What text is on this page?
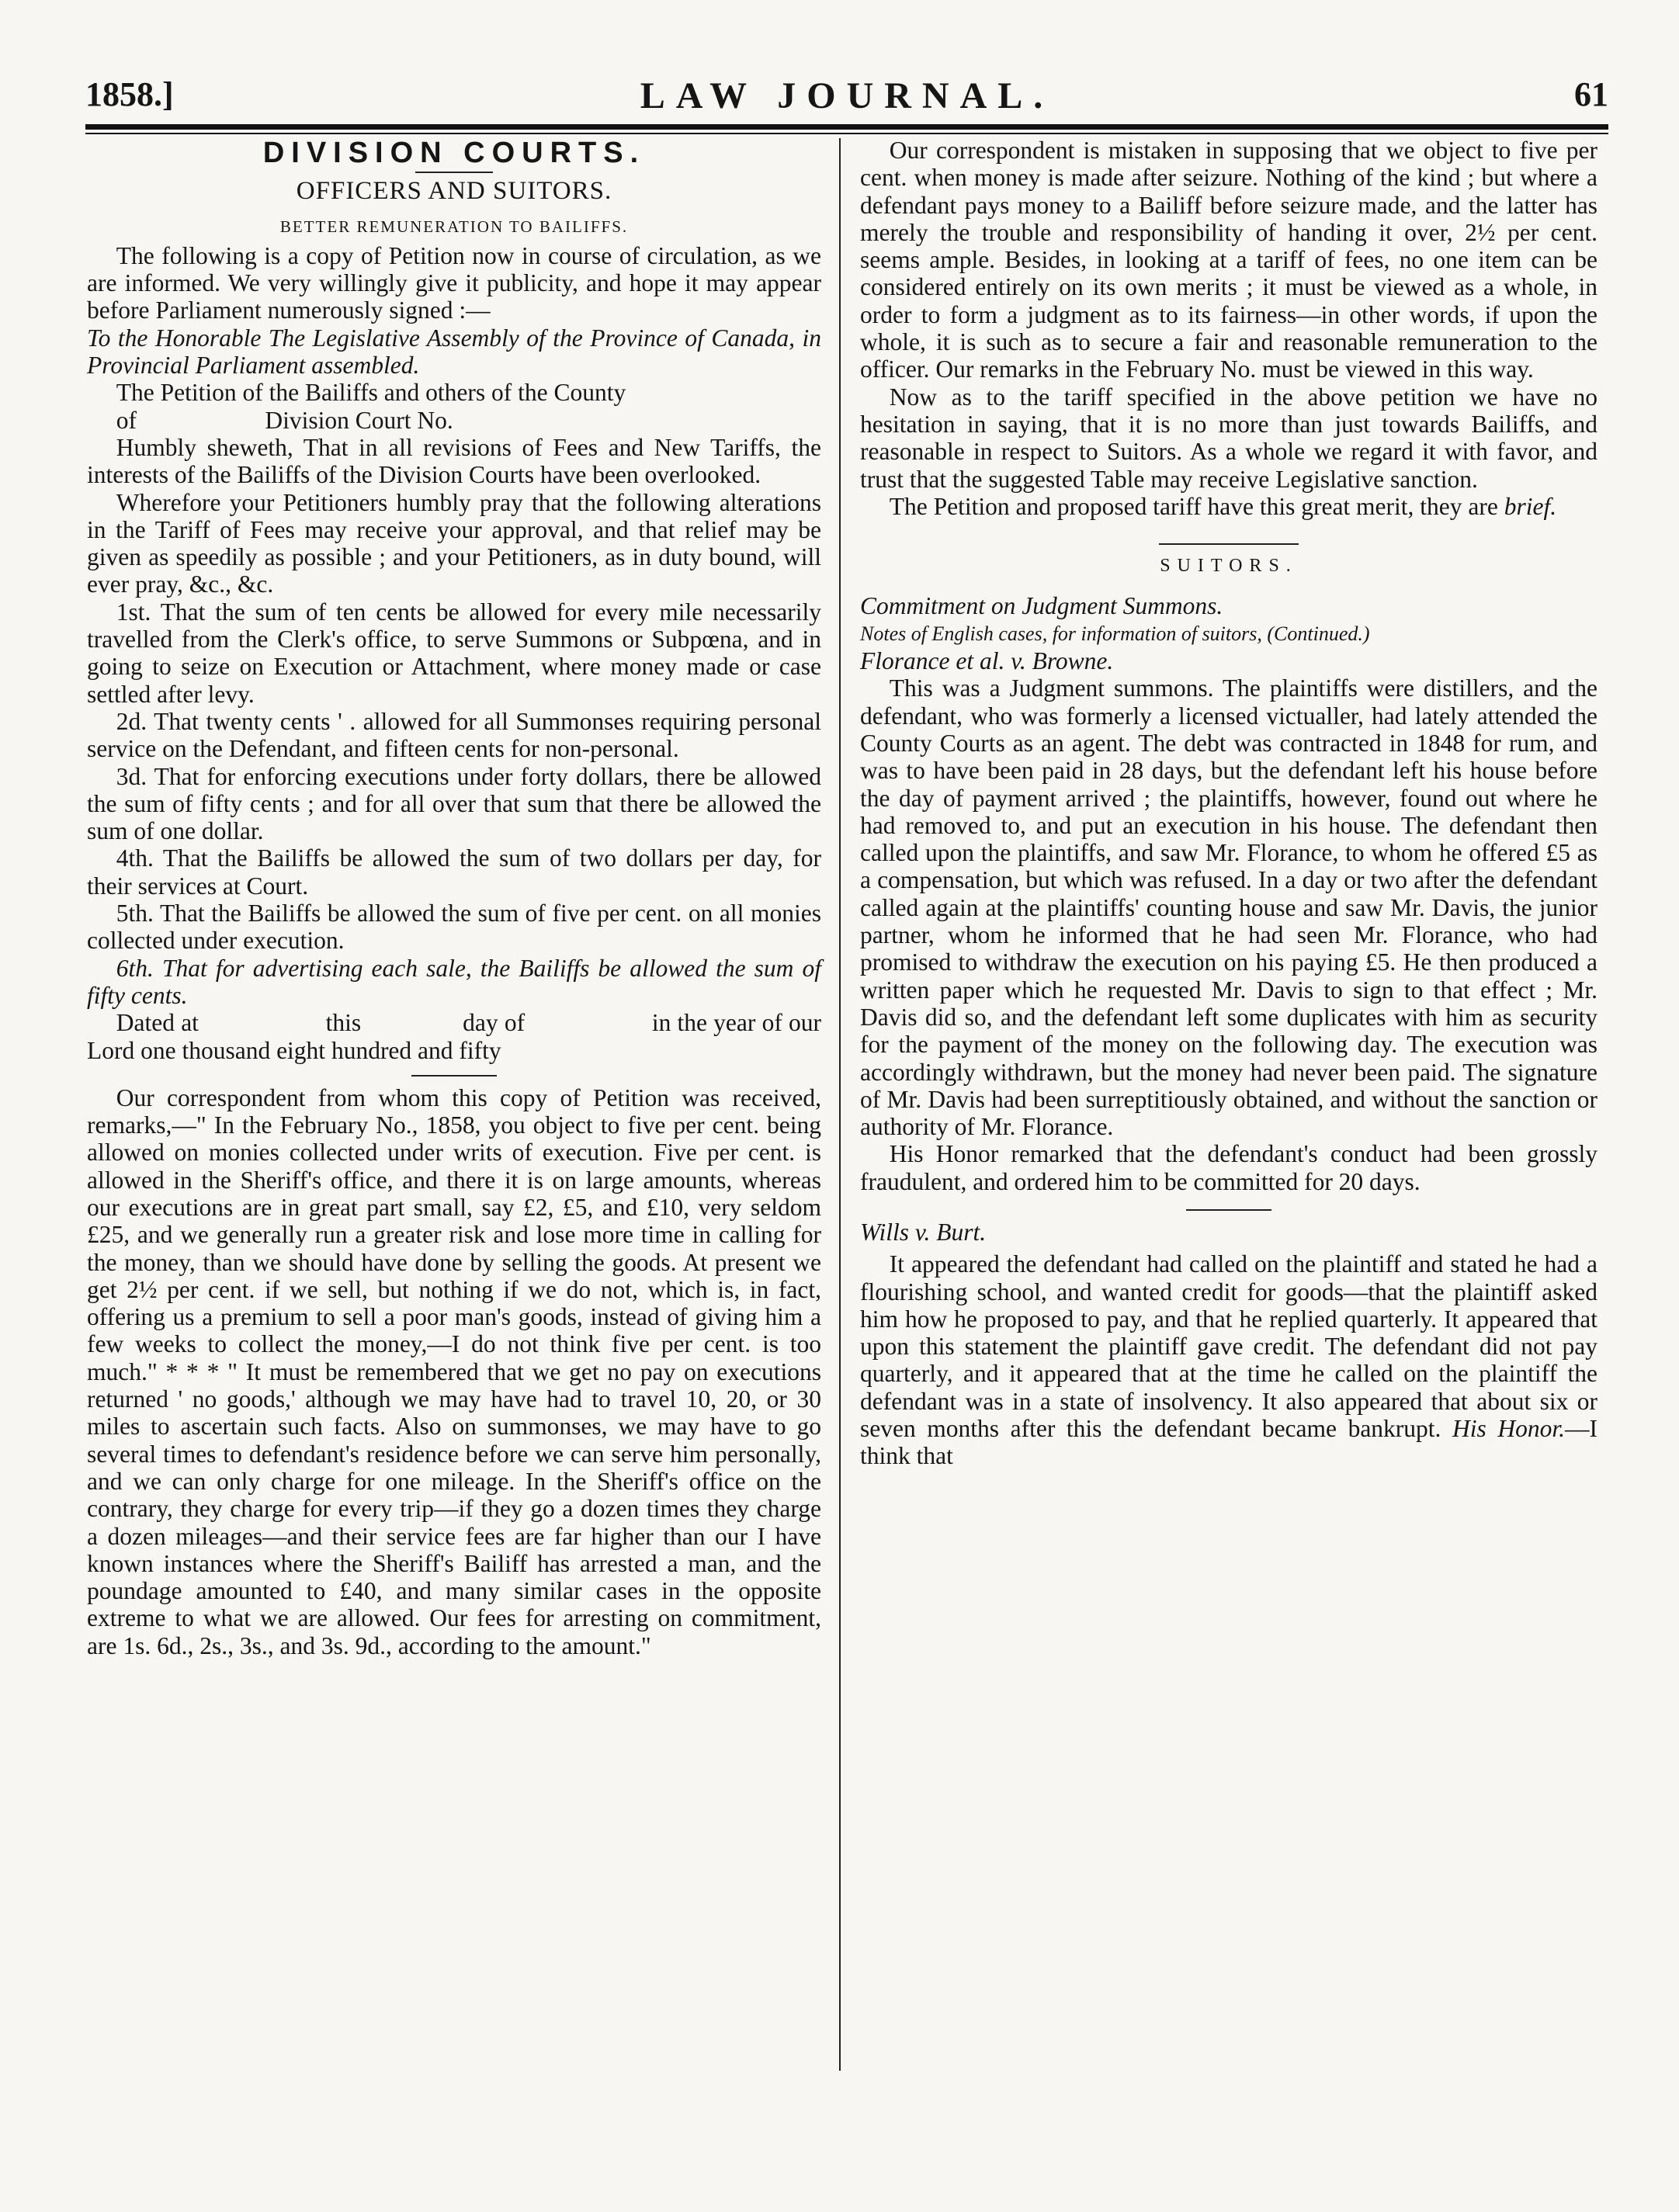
1858.]	LAW JOURNAL.	61
DIVISION COURTS.
OFFICERS AND SUITORS.
BETTER REMUNERATION TO BAILIFFS.

The following is a copy of Petition now in course of circulation, as we are informed. We very willingly give it publicity, and hope it may appear before Parliament numerously signed :—

To the Honorable The Legislative Assembly of the Province of Canada, in Provincial Parliament assembled.

The Petition of the Bailiffs and others of the County

of                     Division Court No.

Humbly sheweth, That in all revisions of Fees and New Tariffs, the interests of the Bailiffs of the Division Courts have been overlooked.

Wherefore your Petitioners humbly pray that the following alterations in the Tariff of Fees may receive your approval, and that relief may be given as speedily as possible ; and your Petitioners, as in duty bound, will ever pray, &c., &c.

1st. That the sum of ten cents be allowed for every mile necessarily travelled from the Clerk's office, to serve Summons or Subpœna, and in going to seize on Execution or Attachment, where money made or case settled after levy.

2d. That twenty cents ' . allowed for all Summonses requiring personal service on the Defendant, and fifteen cents for non-personal.

3d. That for enforcing executions under forty dollars, there be allowed the sum of fifty cents ; and for all over that sum that there be allowed the sum of one dollar.

4th. That the Bailiffs be allowed the sum of two dollars per day, for their services at Court.

5th. That the Bailiffs be allowed the sum of five per cent. on all monies collected under execution.

6th. That for advertising each sale, the Bailiffs be allowed the sum of fifty cents.

Dated at                    this                day of                    in the year of our Lord one thousand eight hundred and fifty

Our correspondent from whom this copy of Petition was received, remarks,—" In the February No., 1858, you object to five per cent. being allowed on monies collected under writs of execution. Five per cent. is allowed in the Sheriff's office, and there it is on large amounts, whereas our executions are in great part small, say £2, £5, and £10, very seldom £25, and we generally run a greater risk and lose more time in calling for the money, than we should have done by selling the goods. At present we get 2½ per cent. if we sell, but nothing if we do not, which is, in fact, offering us a premium to sell a poor man's goods, instead of giving him a few weeks to collect the money,—I do not think five per cent. is too much." * * * " It must be remembered that we get no pay on executions returned ' no goods,' although we may have had to travel 10, 20, or 30 miles to ascertain such facts. Also on summonses, we may have to go several times to defendant's residence before we can serve him personally, and we can only charge for one mileage. In the Sheriff's office on the contrary, they charge for every trip—if they go a dozen times they charge a dozen mileages—and their service fees are far higher than our I have known instances where the Sheriff's Bailiff has arrested a man, and the poundage amounted to £40, and many similar cases in the opposite extreme to what we are allowed. Our fees for arresting on commitment, are 1s. 6d., 2s., 3s., and 3s. 9d., according to the amount."

Our correspondent is mistaken in supposing that we object to five per cent. when money is made after seizure. Nothing of the kind ; but where a defendant pays money to a Bailiff before seizure made, and the latter has merely the trouble and responsibility of handing it over, 2½ per cent. seems ample. Besides, in looking at a tariff of fees, no one item can be considered entirely on its own merits ; it must be viewed as a whole, in order to form a judgment as to its fairness—in other words, if upon the whole, it is such as to secure a fair and reasonable remuneration to the officer. Our remarks in the February No. must be viewed in this way.

Now as to the tariff specified in the above petition we have no hesitation in saying, that it is no more than just towards Bailiffs, and reasonable in respect to Suitors. As a whole we regard it with favor, and trust that the suggested Table may receive Legislative sanction.

The Petition and proposed tariff have this great merit, they are brief.

SUITORS.

Commitment on Judgment Summons.

Notes of English cases, for information of suitors, (Continued.)

Florance et al. v. Browne.

This was a Judgment summons. The plaintiffs were distillers, and the defendant, who was formerly a licensed victualler, had lately attended the County Courts as an agent. The debt was contracted in 1848 for rum, and was to have been paid in 28 days, but the defendant left his house before the day of payment arrived ; the plaintiffs, however, found out where he had removed to, and put an execution in his house. The defendant then called upon the plaintiffs, and saw Mr. Florance, to whom he offered £5 as a compensation, but which was refused. In a day or two after the defendant called again at the plaintiffs' counting house and saw Mr. Davis, the junior partner, whom he informed that he had seen Mr. Florance, who had promised to withdraw the execution on his paying £5. He then produced a written paper which he requested Mr. Davis to sign to that effect ; Mr. Davis did so, and the defendant left some duplicates with him as security for the payment of the money on the following day. The execution was accordingly withdrawn, but the money had never been paid. The signature of Mr. Davis had been surreptitiously obtained, and without the sanction or authority of Mr. Florance.

His Honor remarked that the defendant's conduct had been grossly fraudulent, and ordered him to be committed for 20 days.

Wills v. Burt.

It appeared the defendant had called on the plaintiff and stated he had a flourishing school, and wanted credit for goods—that the plaintiff asked him how he proposed to pay, and that he replied quarterly. It appeared that upon this statement the plaintiff gave credit. The defendant did not pay quarterly, and it appeared that at the time he called on the plaintiff the defendant was in a state of insolvency. It also appeared that about six or seven months after this the defendant became bankrupt. His Honor.—I think that
